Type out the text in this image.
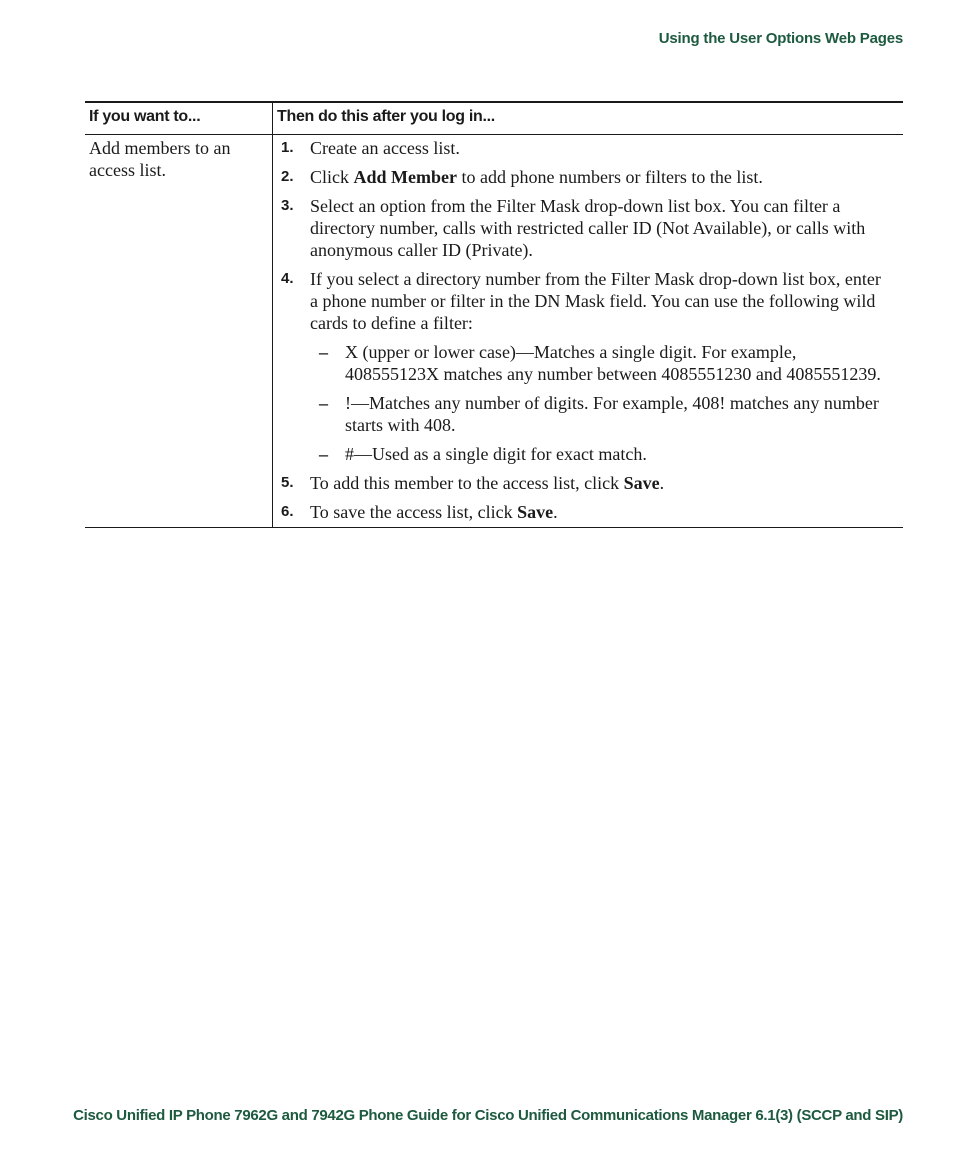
Using the User Options Web Pages
If you want to...	Then do this after you log in...
Add members to an access list.
1. Create an access list.
2. Click Add Member to add phone numbers or filters to the list.
3. Select an option from the Filter Mask drop-down list box. You can filter a directory number, calls with restricted caller ID (Not Available), or calls with anonymous caller ID (Private).
4. If you select a directory number from the Filter Mask drop-down list box, enter a phone number or filter in the DN Mask field. You can use the following wild cards to define a filter:
– X (upper or lower case)—Matches a single digit. For example, 408555123X matches any number between 4085551230 and 4085551239.
– !—Matches any number of digits. For example, 408! matches any number starts with 408.
– #—Used as a single digit for exact match.
5. To add this member to the access list, click Save.
6. To save the access list, click Save.
Cisco Unified IP Phone 7962G and 7942G Phone Guide for Cisco Unified Communications Manager 6.1(3) (SCCP and SIP)
